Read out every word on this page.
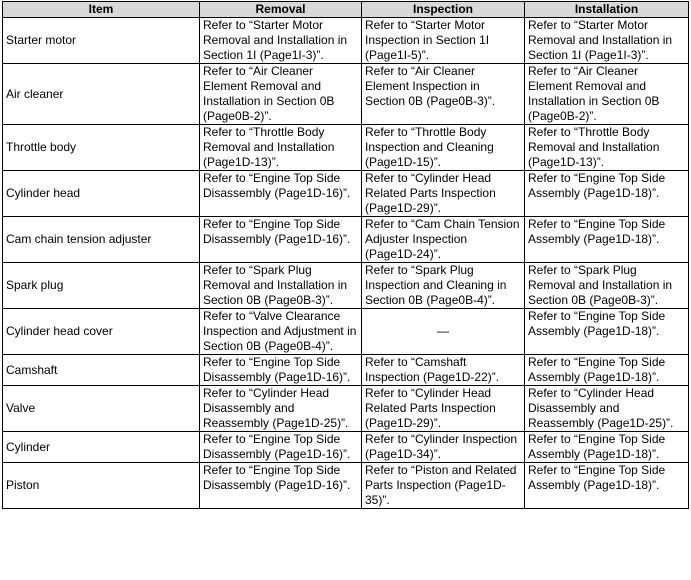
Item	Removal	Inspection	Installation
Starter motor	Refer to “Starter Motor Removal and Installation in Section 1I (Page1I-3)”.	Refer to “Starter Motor Inspection in Section 1I (Page1I-5)”.	Refer to “Starter Motor Removal and Installation in Section 1I (Page1I-3)”.
Air cleaner	Refer to “Air Cleaner Element Removal and Installation in Section 0B (Page0B-2)”.	Refer to “Air Cleaner Element Inspection in Section 0B (Page0B-3)”.	Refer to “Air Cleaner Element Removal and Installation in Section 0B (Page0B-2)”.
Throttle body	Refer to “Throttle Body Removal and Installation (Page1D-13)”.	Refer to “Throttle Body Inspection and Cleaning (Page1D-15)”.	Refer to “Throttle Body Removal and Installation (Page1D-13)”.
Cylinder head	Refer to “Engine Top Side Disassembly (Page1D-16)”.	Refer to “Cylinder Head Related Parts Inspection (Page1D-29)”.	Refer to “Engine Top Side Assembly (Page1D-18)”.
Cam chain tension adjuster	Refer to “Engine Top Side Disassembly (Page1D-16)”.	Refer to “Cam Chain Tension Adjuster Inspection (Page1D-24)”.	Refer to “Engine Top Side Assembly (Page1D-18)”.
Spark plug	Refer to “Spark Plug Removal and Installation in Section 0B (Page0B-3)”.	Refer to “Spark Plug Inspection and Cleaning in Section 0B (Page0B-4)”.	Refer to “Spark Plug Removal and Installation in Section 0B (Page0B-3)”.
Cylinder head cover	Refer to “Valve Clearance Inspection and Adjustment in Section 0B (Page0B-4)”.	—	Refer to “Engine Top Side Assembly (Page1D-18)”.
Camshaft	Refer to “Engine Top Side Disassembly (Page1D-16)”.	Refer to “Camshaft Inspection (Page1D-22)”.	Refer to “Engine Top Side Assembly (Page1D-18)”.
Valve	Refer to “Cylinder Head Disassembly and Reassembly (Page1D-25)”.	Refer to “Cylinder Head Related Parts Inspection (Page1D-29)”.	Refer to “Cylinder Head Disassembly and Reassembly (Page1D-25)”.
Cylinder	Refer to “Engine Top Side Disassembly (Page1D-16)”.	Refer to “Cylinder Inspection (Page1D-34)”.	Refer to “Engine Top Side Assembly (Page1D-18)”.
Piston	Refer to “Engine Top Side Disassembly (Page1D-16)”.	Refer to “Piston and Related Parts Inspection (Page1D-35)”.	Refer to “Engine Top Side Assembly (Page1D-18)”.
